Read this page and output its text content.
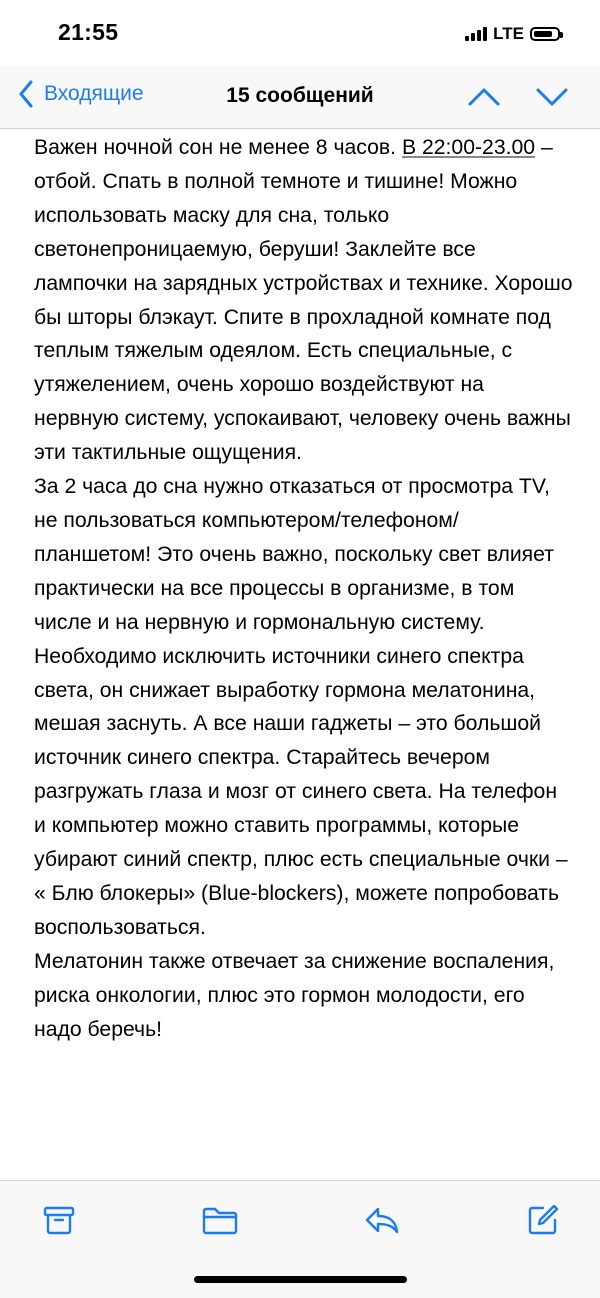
21:55	LTE
Входящие	15 сообщений

Важен ночной сон не менее 8 часов. В 22:00-23.00 – отбой. Спать в полной темноте и тишине! Можно использовать маску для сна, только светонепроницаемую, беруши! Заклейте все лампочки на зарядных устройствах и технике. Хорошо бы шторы блэкаут. Спите в прохладной комнате под теплым тяжелым одеялом. Есть специальные, с утяжелением, очень хорошо воздействуют на нервную систему, успокаивают, человеку очень важны эти тактильные ощущения.

За 2 часа до сна нужно отказаться от просмотра TV, не пользоваться компьютером/телефоном/планшетом! Это очень важно, поскольку свет влияет практически на все процессы в организме, в том числе и на нервную и гормональную систему.

Необходимо исключить источники синего спектра света, он снижает выработку гормона мелатонина, мешая заснуть. А все наши гаджеты – это большой источник синего спектра. Старайтесь вечером разгружать глаза и мозг от синего света. На телефон и компьютер можно ставить программы, которые убирают синий спектр, плюс есть специальные очки – « Блю блокеры» (Blue-blockers), можете попробовать воспользоваться.

Мелатонин также отвечает за снижение воспаления, риска онкологии, плюс это гормон молодости, его надо беречь!
